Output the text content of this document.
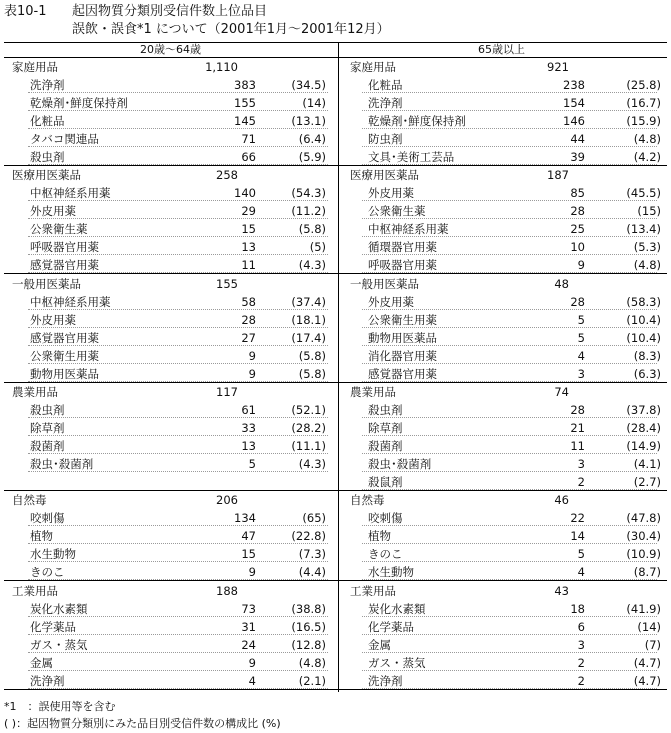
表10-1 起因物質分類別受信件数上位品目
誤飲・誤食*1 について（2001年1月～2001年12月）
20歳～64歳	65歳以上
家庭用品	1,110
洗浄剤	383	(34.5)
乾燥剤･鮮度保持剤	155	(14)
化粧品	145	(13.1)
タバコ関連品	71	(6.4)
殺虫剤	66	(5.9)
家庭用品	921
化粧品	238	(25.8)
洗浄剤	154	(16.7)
乾燥剤･鮮度保持剤	146	(15.9)
防虫剤	44	(4.8)
文具･美術工芸品	39	(4.2)
医療用医薬品	258
中枢神経系用薬	140	(54.3)
外皮用薬	29	(11.2)
公衆衛生薬	15	(5.8)
呼吸器官用薬	13	(5)
感覚器官用薬	11	(4.3)
医療用医薬品	187
外皮用薬	85	(45.5)
公衆衛生薬	28	(15)
中枢神経系用薬	25	(13.4)
循環器官用薬	10	(5.3)
呼吸器官用薬	9	(4.8)
一般用医薬品	155
中枢神経系用薬	58	(37.4)
外皮用薬	28	(18.1)
感覚器官用薬	27	(17.4)
公衆衛生用薬	9	(5.8)
動物用医薬品	9	(5.8)
一般用医薬品	48
外皮用薬	28	(58.3)
公衆衛生用薬	5	(10.4)
動物用医薬品	5	(10.4)
消化器官用薬	4	(8.3)
感覚器官用薬	3	(6.3)
農業用品	117
殺虫剤	61	(52.1)
除草剤	33	(28.2)
殺菌剤	13	(11.1)
殺虫･殺菌剤	5	(4.3)
農業用品	74
殺虫剤	28	(37.8)
除草剤	21	(28.4)
殺菌剤	11	(14.9)
殺虫･殺菌剤	3	(4.1)
殺鼠剤	2	(2.7)
自然毒	206
咬刺傷	134	(65)
植物	47	(22.8)
水生動物	15	(7.3)
きのこ	9	(4.4)
自然毒	46
咬刺傷	22	(47.8)
植物	14	(30.4)
きのこ	5	(10.9)
水生動物	4	(8.7)
工業用品	188
炭化水素類	73	(38.8)
化学薬品	31	(16.5)
ガス・蒸気	24	(12.8)
金属	9	(4.8)
洗浄剤	4	(2.1)
工業用品	43
炭化水素類	18	(41.9)
化学薬品	6	(14)
金属	3	(7)
ガス・蒸気	2	(4.7)
洗浄剤	2	(4.7)
*1　：誤使用等を含む
( )：起因物質分類別にみた品目別受信件数の構成比 (%)
